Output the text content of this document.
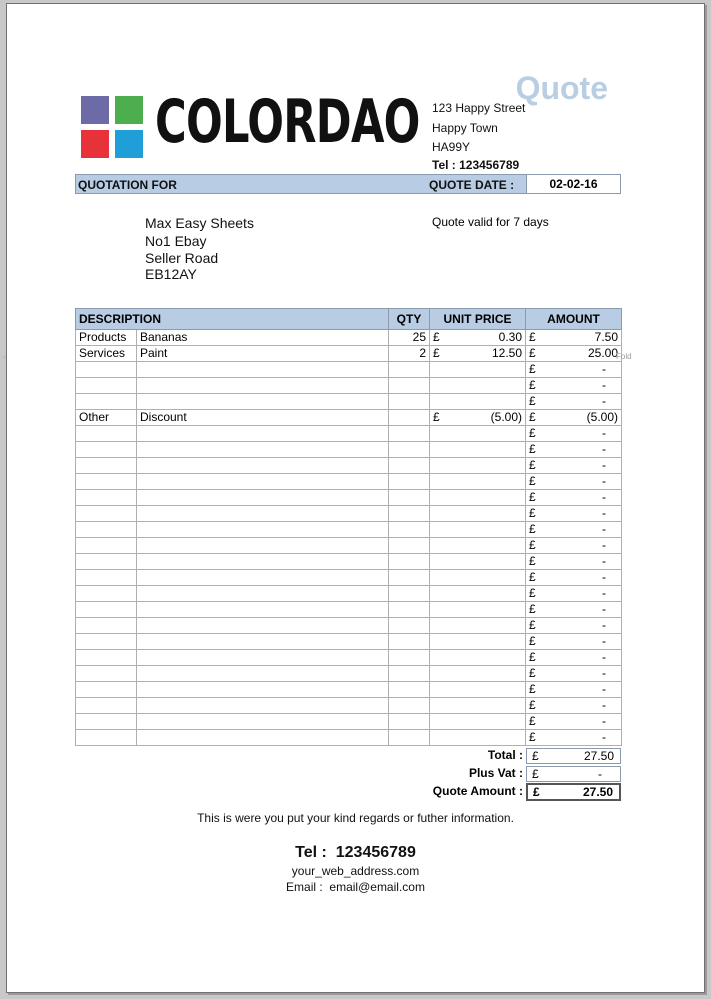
COLORDAO	Quote
123 Happy Street
Happy Town
HA99Y
Tel : 123456789
QUOTATION FOR	QUOTE DATE :	02-02-16
Max Easy Sheets
No1 Ebay
Seller Road
EB12AY
Quote valid for 7 days
DESCRIPTION		QTY	UNIT PRICE	AMOUNT
Products	Bananas	25	£ 0.30	£ 7.50

Services	Paint	2	£ 12.50	£ 25.00

				£ -

				£ -

				£ -

Other	Discount		£ (5.00)	£ (5.00)

				£ -

				£ -

				£ -

				£ -

				£ -

				£ -

				£ -

				£ -

				£ -

				£ -

				£ -

				£ -

				£ -

				£ -

				£ -

				£ -

				£ -

				£ -

				£ -

				£ -
▫	Fold
Total : £	27.50
Plus Vat : £	-
Quote Amount : £	27.50
This is were you put your kind regards or futher information.
Tel : 123456789
your_web_address.com
Email : email@email.com
